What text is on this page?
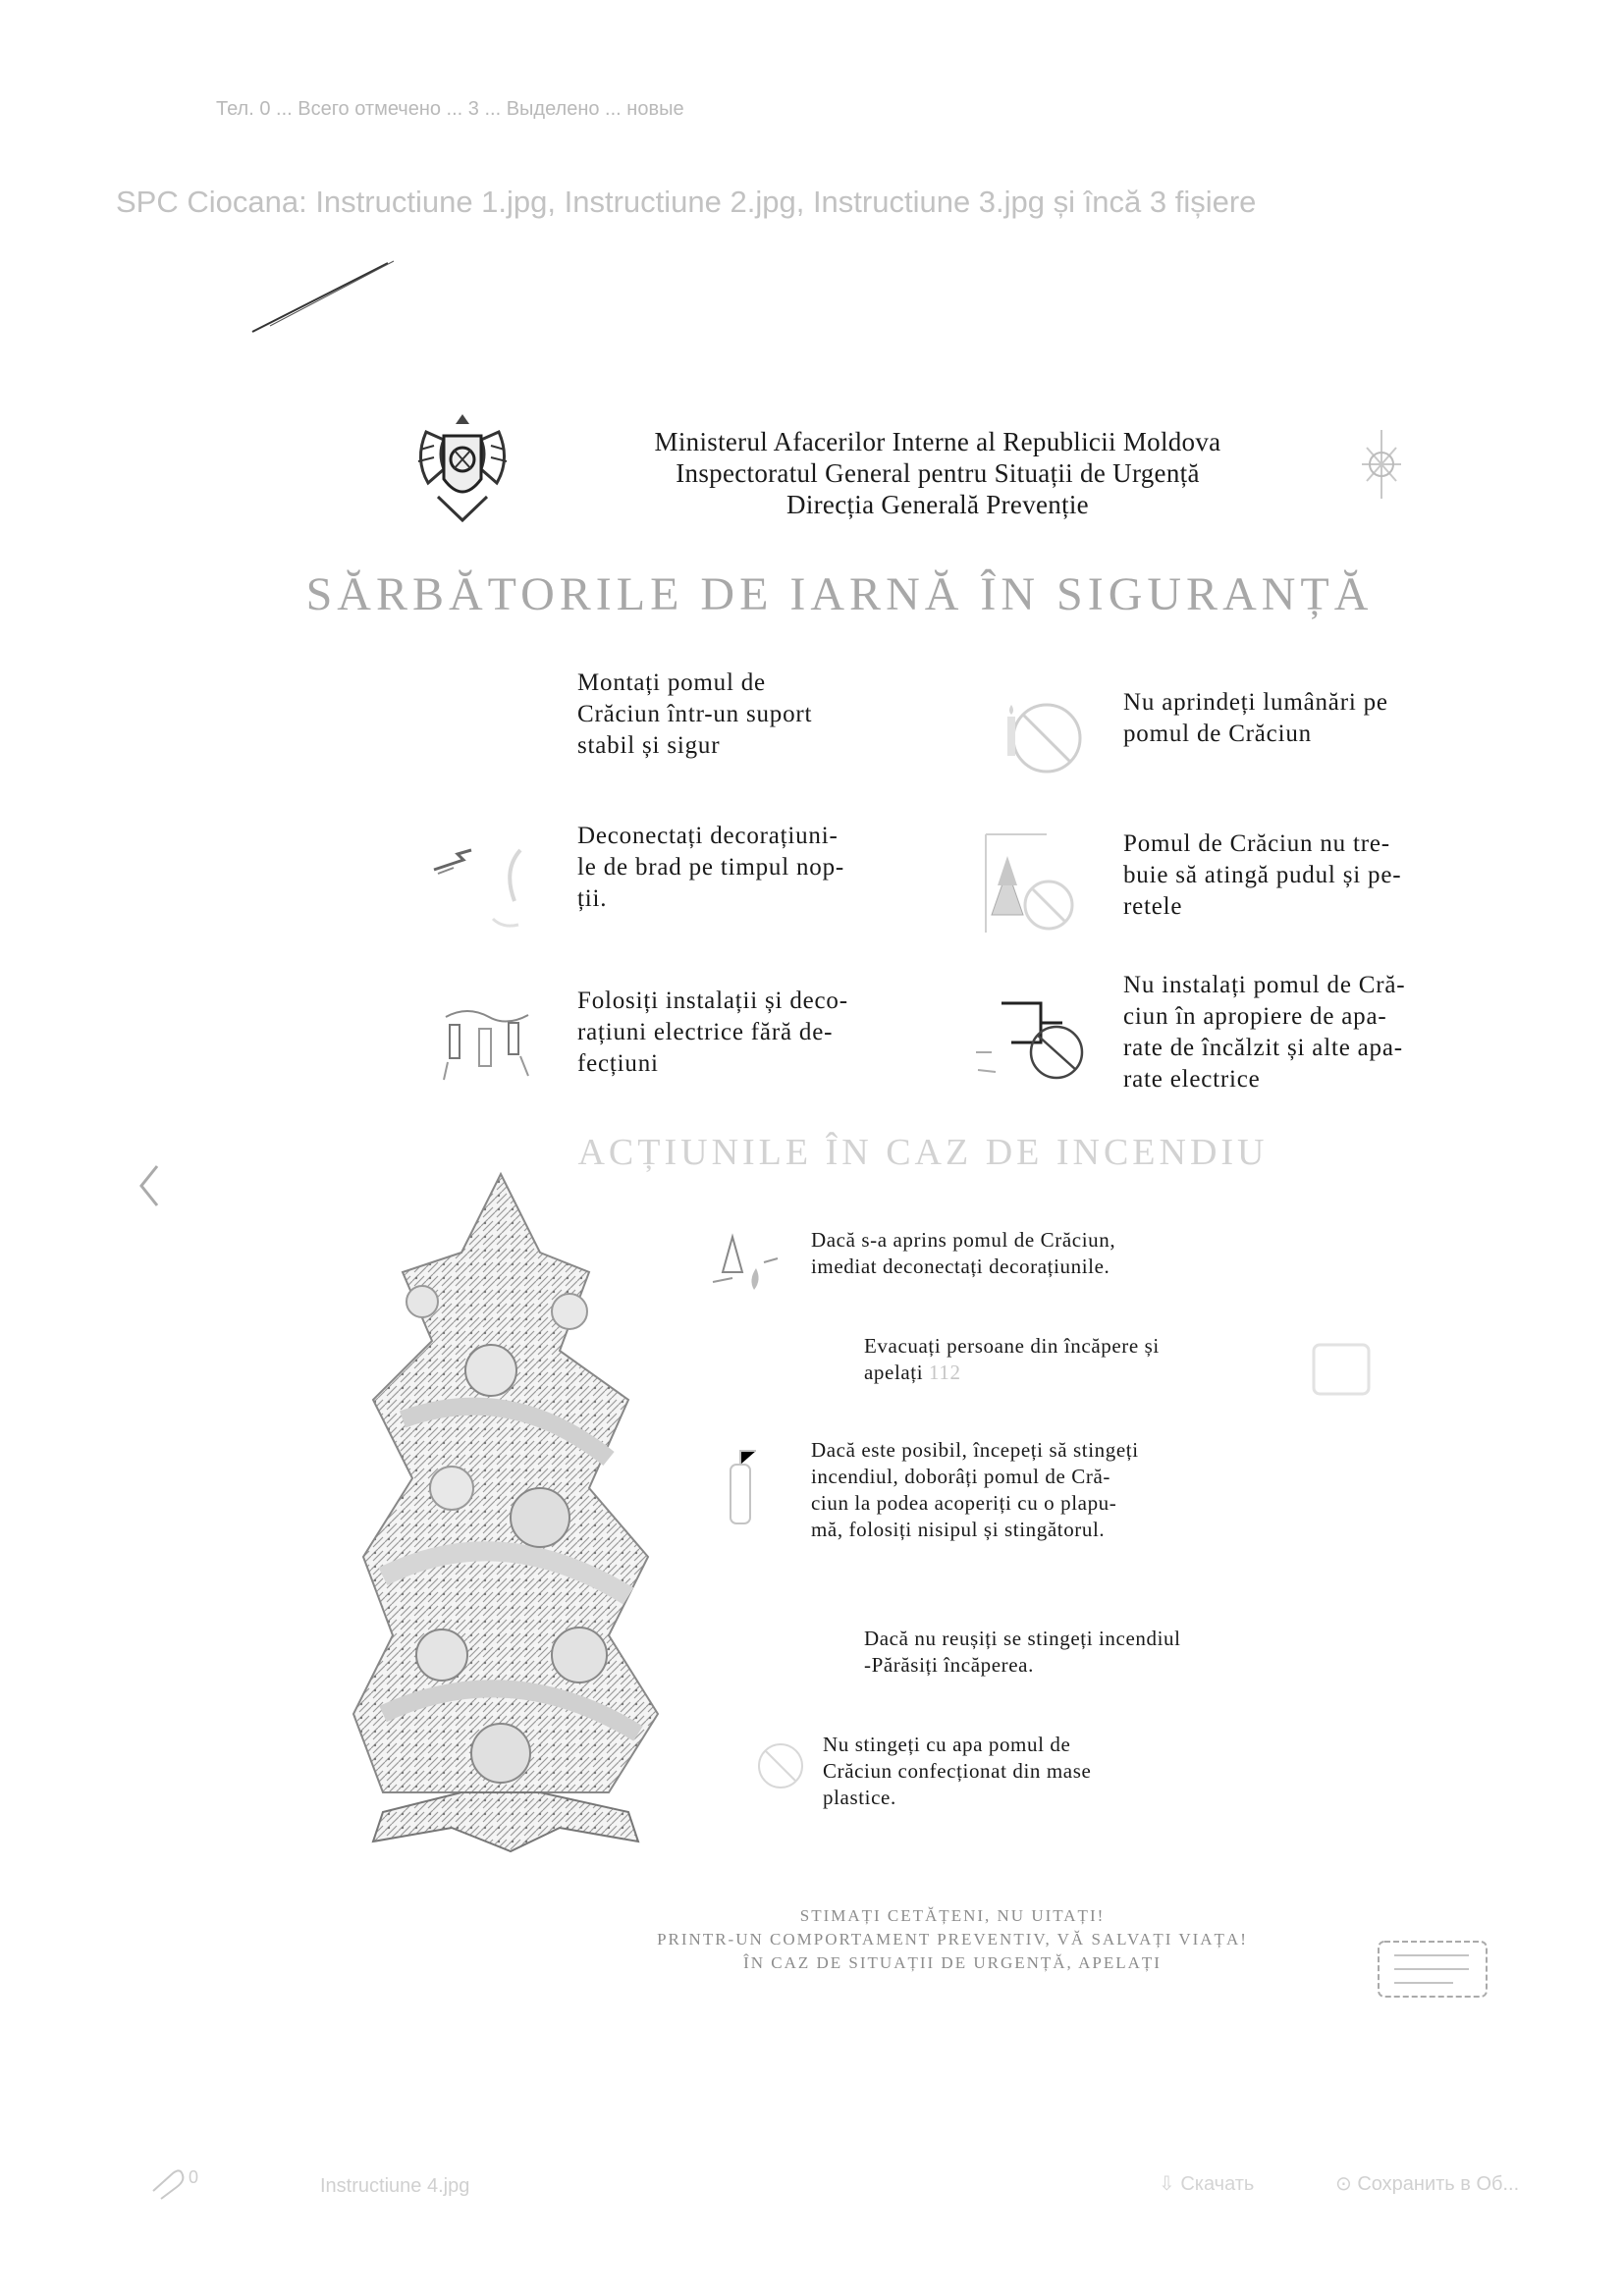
Тел. 0 ... Всего отмечено ... 3 ... Выделено ... новые
SPC Ciocana: Instructiune 1.jpg, Instructiune 2.jpg, Instructiune 3.jpg și încă 3 fișiere
Ministerul Afacerilor Interne al Republicii Moldova
Inspectoratul General pentru Situații de Urgență
Direcția Generală Prevenție
SĂRBĂTORILE DE IARNĂ ÎN SIGURANȚĂ
Montați pomul de
Crăciun într-un suport
stabil și sigur
Nu aprindeți lumânări pe
pomul de Crăciun
Deconectați decorațiuni-
le de brad pe timpul nop-
ții.
Pomul de Crăciun nu tre-
buie să atingă pudul și pe-
retele
Folosiți instalații și deco-
rațiuni electrice fără de-
fecțiuni
Nu instalați pomul de Cră-
ciun în apropiere de apa-
rate de încălzit și alte apa-
rate electrice
ACȚIUNILE ÎN CAZ DE INCENDIU
Dacă s-a aprins pomul de Crăciun,
imediat deconectați decorațiunile.
Evacuați persoane din încăpere și
apelați 112
Dacă este posibil, începeți să stingeți
incendiul, doborâți pomul de Cră-
ciun la podea acoperiți cu o plapu-
mă, folosiți nisipul și stingătorul.
Dacă nu reușiți se stingeți incendiul
-Părăsiți încăperea.
Nu stingeți cu apa pomul de
Crăciun confecționat din mase
plastice.
STIMAȚI CETĂȚENI, NU UITAȚI!
PRINTR-UN COMPORTAMENT PREVENTIV, VĂ SALVAȚI VIAȚA!
ÎN CAZ DE SITUAȚII DE URGENȚĂ, APELAȚI
0	Instructiune 4.jpg	⇩ Скачать	⊙ Сохранить в Об...
